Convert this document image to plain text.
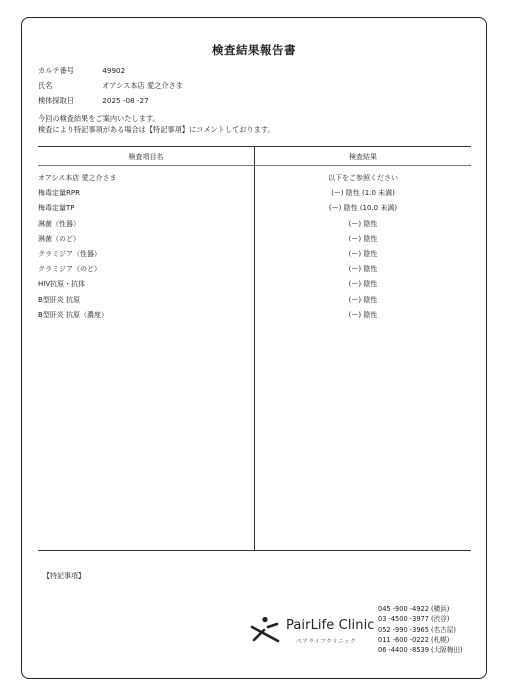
検査結果報告書
カルテ番号	49902
氏名	オアシス本店 愛之介さま
検体採取日	2025 -08 -27
今回の検査結果をご案内いたします。
検査により特記事項がある場合は【特記事項】にコメントしております。
検査項目名	検査結果
オアシス本店 愛之介さま	以下をご参照ください
梅毒定量RPR	(ー) 陰性 (1.0 未満)
梅毒定量TP	(ー) 陰性 (10.0 未満)
淋菌（性器）	(ー) 陰性
淋菌（のど）	(ー) 陰性
クラミジア（性器）	(ー) 陰性
クラミジア（のど）	(ー) 陰性
HIV抗原・抗体	(ー) 陰性
B型肝炎 抗原	(ー) 陰性
B型肝炎 抗原（濃度）	(ー) 陰性
【特記事項】
PairLife Clinic
ペアライフクリニック
045 -900 -4922 (横浜)
03 -4500 -3977 (渋谷)
052 -990 -3965 (名古屋)
011 -600 -0222 (札幌)
06 -4400 -8539 (大阪梅田)
